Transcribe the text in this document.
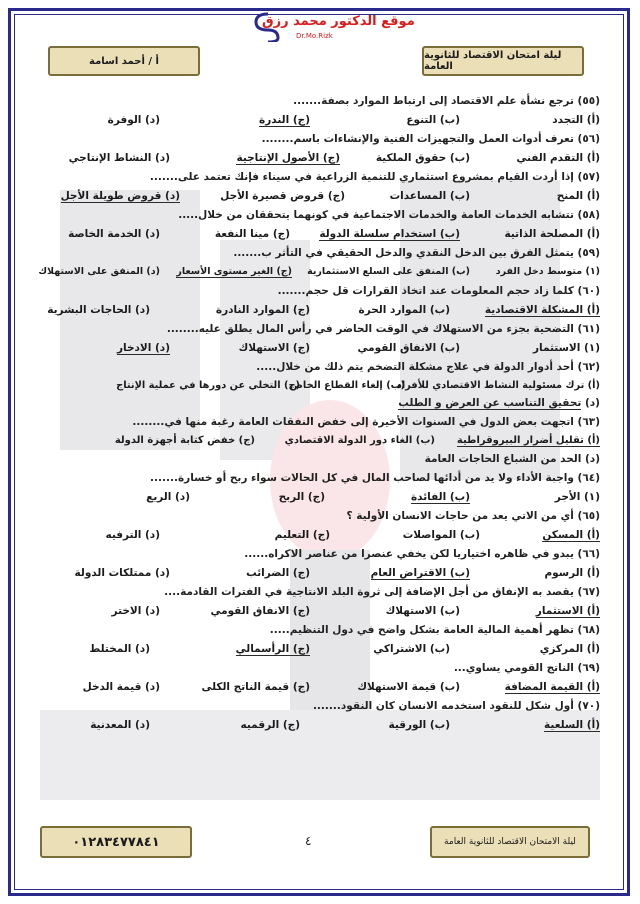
موقع الدكتور محمد رزق
Dr.Mo.Rizk
أ / أحمد اسامة	ليلة امتحان الاقتصاد للثانوية العامة
(٥٥) ترجع نشأة علم الاقتصاد إلى ارتباط الموارد بصفة.......
(أ) التجدد
(ب) التنوع
(ج) الندرة
(د) الوفرة
(٥٦) تعرف أدوات العمل والتجهيزات الفنية والإنشاءات باسم........
(أ) التقدم الفني
(ب) حقوق الملكية
(ج) الأصول الإنتاجية
(د) النشاط الإنتاجي
(٥٧) إذا أردت القيام بمشروع استثماري للتنمية الزراعية في سيناء فإنك تعتمد على.......
(أ) المنح
(ب) المساعدات
(ج) قروض قصيرة الأجل
(د) قروض طويلة الأجل
(٥٨) تتشابه الخدمات العامة والخدمات الاجتماعية في كونهما يتحققان من خلال.....
(أ) المصلحة الذاتية
(ب) استخدام سلسلة الدولة
(ج) مينا النفعة
(د) الخدمة الخاصة
(٥٩) يتمثل الفرق بين الدخل النقدي والدخل الحقيقي في التأثر ب.......
(١) متوسط دخل الفرد
(ب) المنفق على السلع الاستثمارية
(ج) الغير مستوى الأسعار
(د) المنفق على الاستهلاك
(٦٠) كلما زاد حجم المعلومات عند اتخاذ القرارات قل حجم.......
(أ) المشكلة الاقتصادية
(ب) الموارد الحرة
(ج) الموارد النادرة
(د) الحاجات البشرية
(٦١) التضحية بجزء من الاستهلاك في الوقت الحاضر في رأس المال يطلق عليه........
(١) الاستثمار
(ب) الانفاق القومي
(ج) الاستهلاك
(د) الادخار
(٦٢) أحد أدوار الدولة في علاج مشكلة التضخم يتم ذلك من خلال.....
(أ) ترك مسئولية النشاط الاقتصادي للأفراد
(ب) إلغاء القطاع الخاص
(ج) التخلي عن دورها في عملية الإنتاج
(د) تحقيق التناسب عن العرض و الطلب
(٦٣) اتجهت بعض الدول في السنوات الأخيرة إلى خفض النفقات العامة رغبة منها في........
(أ) تقليل أضرار البيروقراطية
(ب) الغاء دور الدولة الاقتصادي
(ج) خفض كتابة أجهزة الدولة
(د) الحد من الشباع الحاجات العامة
(٦٤) واجبة الأداء ولا يد من أدائها لصاحب المال في كل الحالات سواء ربح أو خسارة.......
(١) الأجر
(ب) الفائدة
(ج) الربح
(د) الريع
(٦٥) أي من الاتي يعد من حاجات الانسان الأولية ؟
(أ) المسكن
(ب) المواصلات
(ج) التعليم
(د) الترفيه
(٦٦) يبدو في ظاهره اختياريا لكن يخفي عنصرا من عناصر الاكراه......
(أ) الرسوم
(ب) الاقتراض العام
(ج) الضرائب
(د) ممتلكات الدولة
(٦٧) يقصد به الإنفاق من أجل الإضافة إلى ثروة البلد الانتاجية في الفترات القادمة....
(أ) الاستثمار
(ب) الاستهلاك
(ج) الانفاق القومي
(د) الاختر
(٦٨) تظهر أهمية المالية العامة بشكل واضح في دول التنظيم.....
(أ) المركزي
(ب) الاشتراكي
(ج) الرأسمالي
(د) المختلط
(٦٩) الناتج القومي يساوي...
(أ) القيمة المضافة
(ب) قيمة الاستهلاك
(ج) قيمة الناتج الكلى
(د) قيمة الدخل
(٧٠) أول شكل للنقود استخدمه الانسان كان النقود.......
(أ) السلعية
(ب) الورقية
(ج) الرقميه
(د) المعدنية
٠١٢٨٣٤٧٧٨٤١	٤	ليلة الامتحان الاقتصاد للثانوية العامة
